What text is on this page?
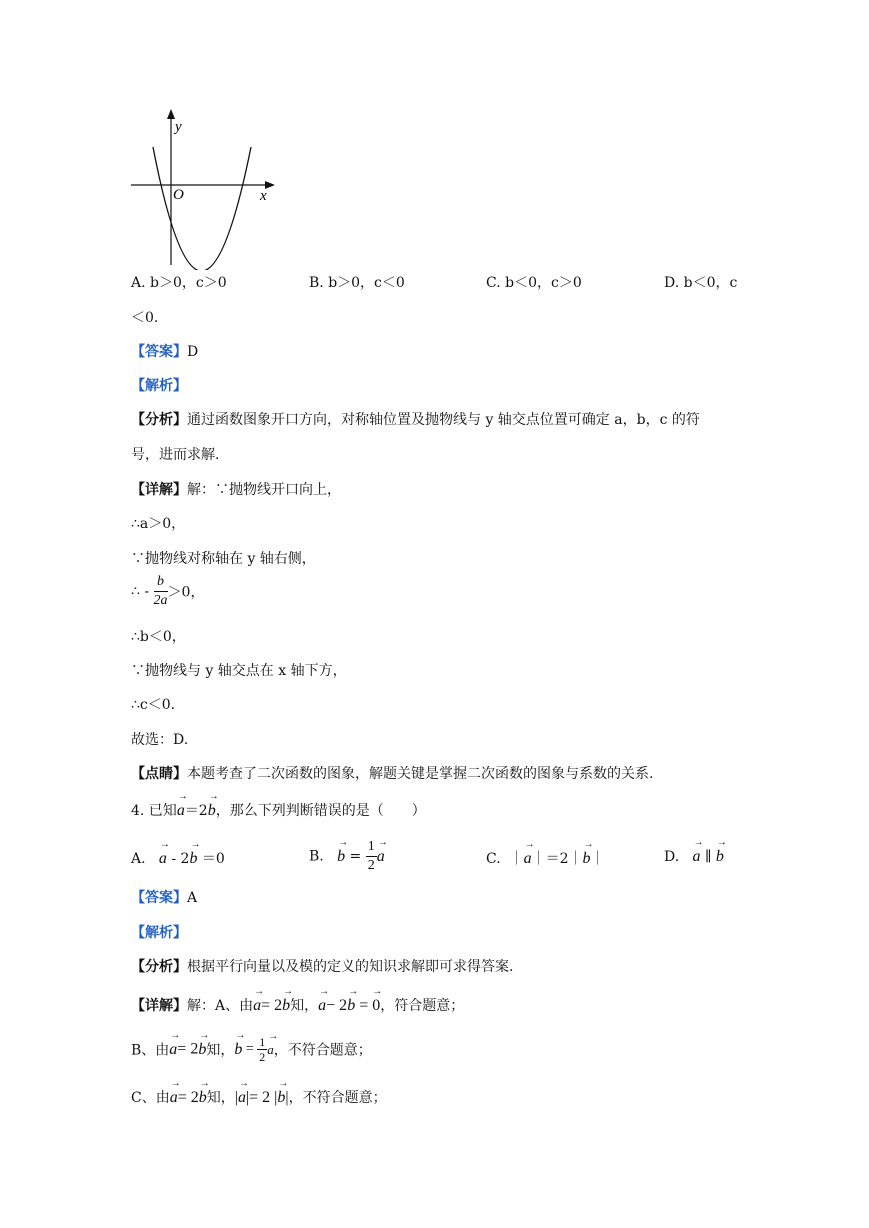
y
x
O
A. b＞0，c＞0	B. b＞0，c＜0	C. b＜0，c＞0	D. b＜0，c
＜0.
【答案】D
【解析】
【分析】通过函数图象开口方向，对称轴位置及抛物线与 y 轴交点位置可确定 a，b，c 的符
号，进而求解.
【详解】解：∵抛物线开口向上，
∴a＞0，
∵抛物线对称轴在 y 轴右侧，
∴ - $\frac{b}{2a} >0$，
∴b＜0，
∵抛物线与 y 轴交点在 x 轴下方，
∴c＜0.
故选：D.
【点睛】本题考查了二次函数的图象，解题关键是掌握二次函数的图象与系数的关系.
4. 已知→ a＝2→ b，那么下列判断错误的是（　　）
A.   → a - 2→ b ＝0	B.   → $b = \frac{1}{2}$
→ a	C. ｜→ a｜＝2｜→ b｜	D.   → a ∥ → b
【答案】A
【解析】
【分析】根据平行向量以及模的定义的知识求解即可求得答案.
【详解】解：A、由→ a= 2→ b知，→ a− 2→ b = → 0，符合题意；
B、由→ a= 2→ b知，→ $b = \frac{1}{2}$
→ a，不符合题意；
C、由→ a= 2→ b知，|→ a|= 2 |→ b|，不符合题意；
